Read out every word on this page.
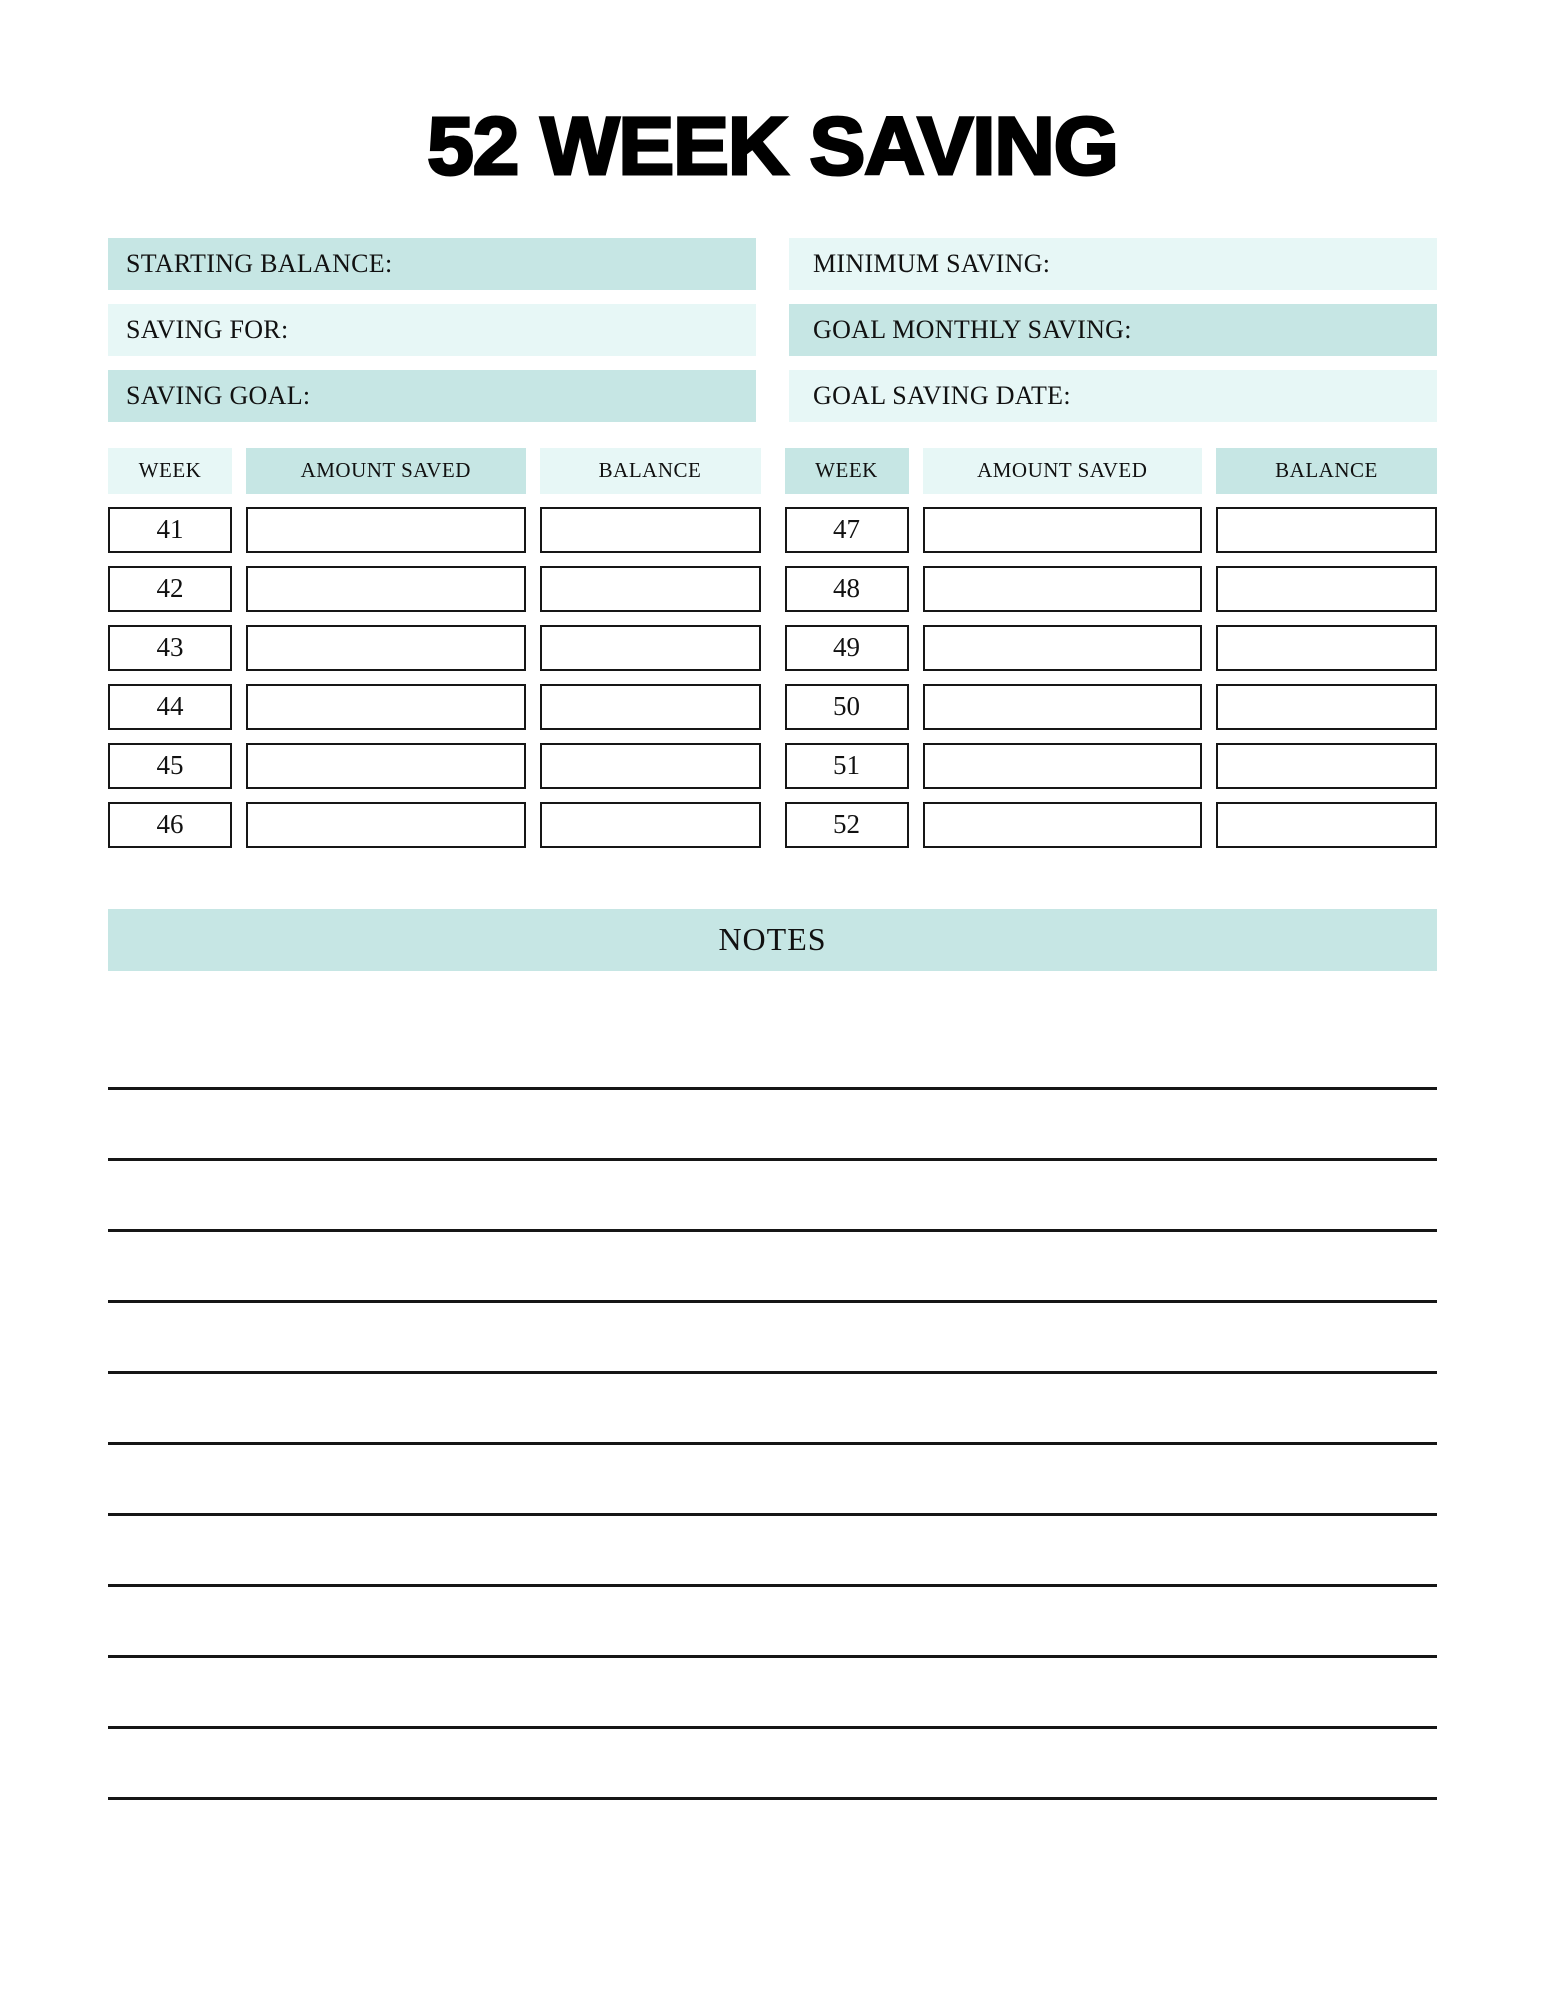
52 WEEK SAVING
STARTING BALANCE:
SAVING FOR:
SAVING GOAL:
MINIMUM SAVING:
GOAL MONTHLY SAVING:
GOAL SAVING DATE:
WEEK	AMOUNT SAVED	BALANCE
41
42
43
44
45
46
WEEK	AMOUNT SAVED	BALANCE
47
48
49
50
51
52
NOTES
